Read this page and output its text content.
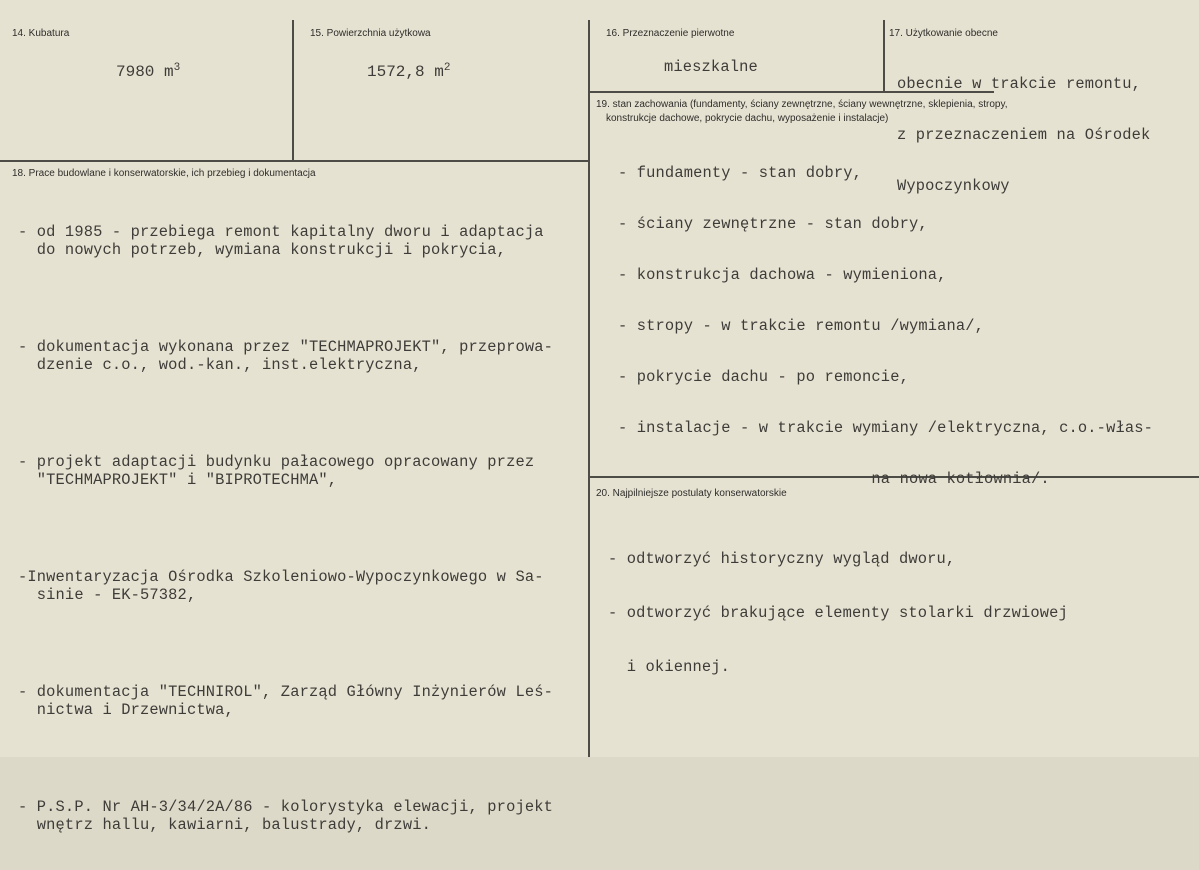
14. Kubatura
7980 $m^3$
15. Powierzchnia użytkowa
1572,8 $m^2$
16. Przeznaczenie pierwotne
mieszkalne
17. Użytkowanie obecne

obecnie w trakcie remontu,

z przeznaczeniem na Ośrodek

Wypoczynkowy

18. Prace budowlane i konserwatorskie, ich przebieg i dokumentacja

- od 1985 - przebiega remont kapitalny dworu i adaptacja
do nowych potrzeb, wymiana konstrukcji i pokrycia,

- dokumentacja wykonana przez "TECHMAPROJEKT", przeprowa-
dzenie c.o., wod.-kan., inst.elektryczna,

- projekt adaptacji budynku pałacowego opracowany przez
"TECHMAPROJEKT" i "BIPROTECHMA",

-Inwentaryzacja Ośrodka Szkoleniowo-Wypoczynkowego w Sa-
sinie - EK-57382,

- dokumentacja "TECHNIROL", Zarząd Główny Inżynierów Leś-
nictwa i Drzewnictwa,

- P.S.P. Nr AH-3/34/2A/86 - kolorystyka elewacji, projekt
wnętrz hallu, kawiarni, balustrady, drzwi.

19. stan zachowania (fundamenty, ściany zewnętrzne, ściany wewnętrzne, sklepienia, stropy,
konstrukcje dachowe, pokrycie dachu, wyposażenie i instalacje)

- fundamenty - stan dobry,

- ściany zewnętrzne - stan dobry,

- konstrukcja dachowa - wymieniona,

- stropy - w trakcie remontu /wymiana/,

- pokrycie dachu - po remoncie,

- instalacje - w trakcie wymiany /elektryczna, c.o.-włas-

na nowa kotłownia/.

20. Najpilniejsze postulaty konserwatorskie

- odtworzyć historyczny wygląd dworu,

- odtworzyć brakujące elementy stolarki drzwiowej

i okiennej.
